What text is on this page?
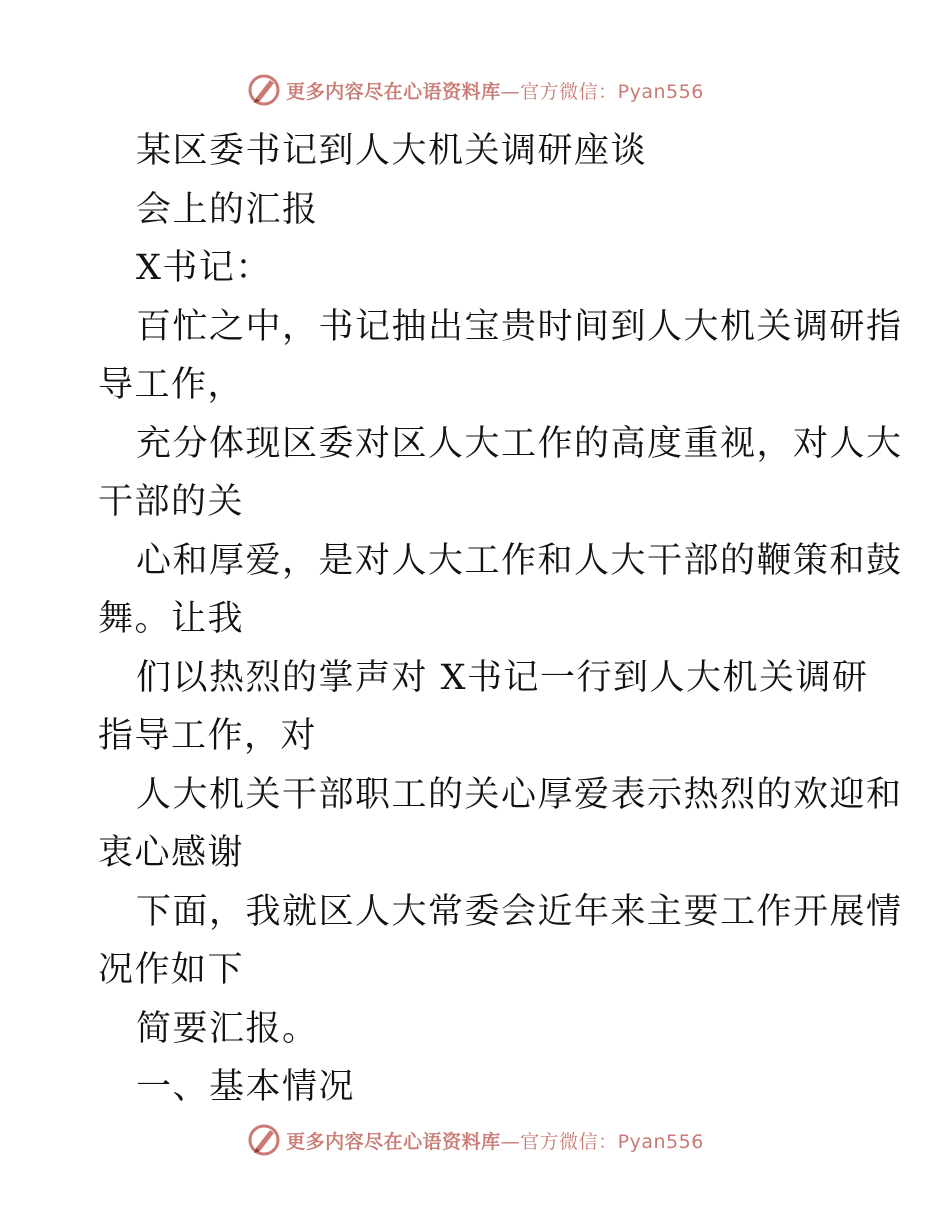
更多内容尽在心语资料库—官方微信：Pyan556
某区委书记到人大机关调研座谈
会上的汇报
X书记：
百忙之中，书记抽出宝贵时间到人大机关调研指
导工作，
充分体现区委对区人大工作的高度重视，对人大
干部的关
心和厚爱，是对人大工作和人大干部的鞭策和鼓
舞。让我
们以热烈的掌声对 X书记一行到人大机关调研
指导工作，对
人大机关干部职工的关心厚爱表示热烈的欢迎和
衷心感谢
下面，我就区人大常委会近年来主要工作开展情
况作如下
简要汇报。
一、基本情况
更多内容尽在心语资料库—官方微信：Pyan556
